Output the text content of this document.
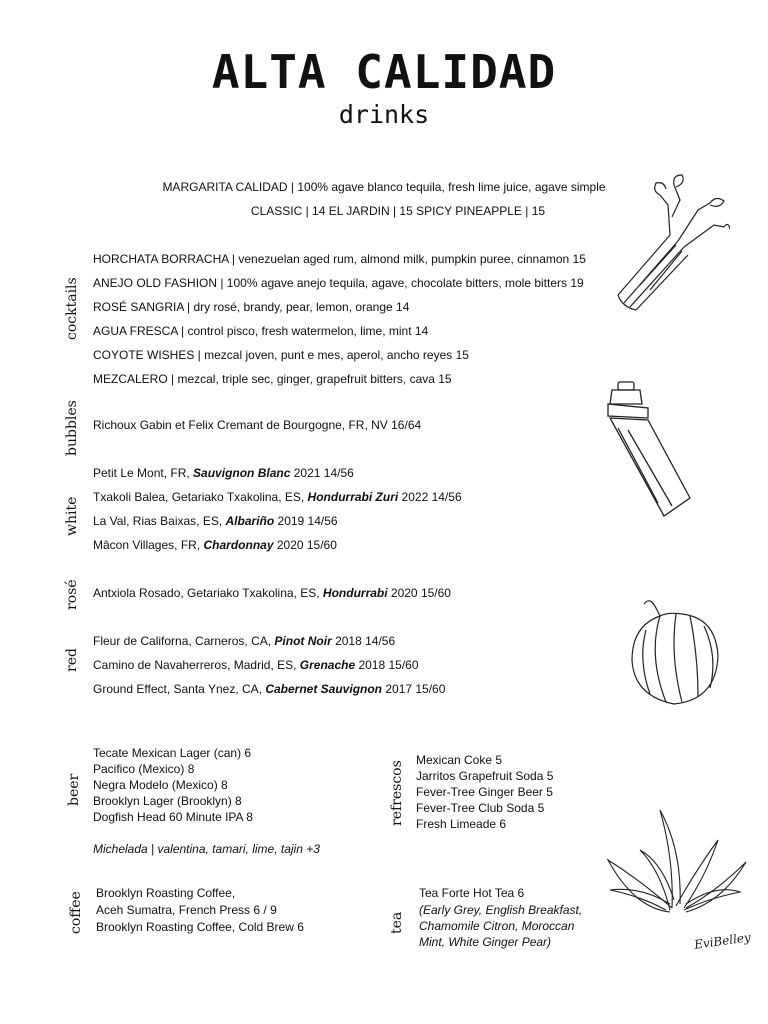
ALTA CALIDAD
drinks
MARGARITA CALIDAD | 100% agave blanco tequila, fresh lime juice, agave simple
CLASSIC | 14 EL JARDIN | 15 SPICY PINEAPPLE | 15
cocktails
HORCHATA BORRACHA | venezuelan aged rum, almond milk, pumpkin puree, cinnamon 15
ANEJO OLD FASHION | 100% agave anejo tequila, agave, chocolate bitters, mole bitters 19
ROSÉ SANGRIA | dry rosé, brandy, pear, lemon, orange 14
AGUA FRESCA | control pisco, fresh watermelon, lime, mint 14
COYOTE WISHES | mezcal joven, punt e mes, aperol, ancho reyes 15
MEZCALERO | mezcal, triple sec, ginger, grapefruit bitters, cava 15
bubbles Richoux Gabin et Felix Cremant de Bourgogne, FR, NV 16/64
white
Petit Le Mont, FR, Sauvignon Blanc 2021 14/56
Txakoli Balea, Getariako Txakolina, ES, Hondurrabi Zuri 2022 14/56
La Val, Rias Baixas, ES, Albariño 2019 14/56
Mâcon Villages, FR, Chardonnay 2020 15/60
rosé Antxiola Rosado, Getariako Txakolina, ES, Hondurrabi 2020 15/60
red
Fleur de Californa, Carneros, CA, Pinot Noir 2018 14/56
Camino de Navaherreros, Madrid, ES, Grenache 2018 15/60
Ground Effect, Santa Ynez, CA, Cabernet Sauvignon 2017 15/60
beer
Tecate Mexican Lager (can) 6
Pacifico (Mexico) 8
Negra Modelo (Mexico) 8
Brooklyn Lager (Brooklyn) 8
Dogfish Head 60 Minute IPA 8
Michelada | valentina, tamari, lime, tajin +3
refrescos
Mexican Coke 5
Jarritos Grapefruit Soda 5
Fever-Tree Ginger Beer 5
Fever-Tree Club Soda 5
Fresh Limeade 6
coffee Brooklyn Roasting Coffee,
Aceh Sumatra, French Press 6 / 9
Brooklyn Roasting Coffee, Cold Brew 6	tea
Tea Forte Hot Tea 6
(Early Grey, English Breakfast,
Chamomile Citron, Moroccan
Mint, White Ginger Pear)	EviBelley
